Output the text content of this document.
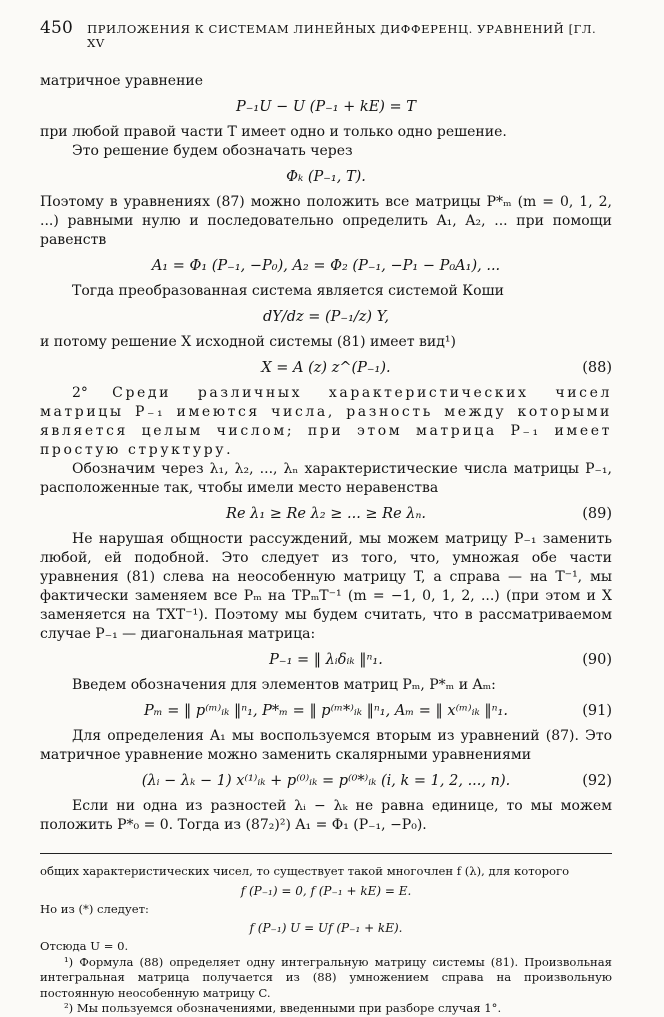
450 ПРИЛОЖЕНИЯ К СИСТЕМАМ ЛИНЕЙНЫХ ДИФФЕРЕНЦ. УРАВНЕНИЙ [ГЛ. XV

матричное уравнение

P₋₁U − U (P₋₁ + kE) = T

при любой правой части T имеет одно и только одно решение.

Это решение будем обозначать через

Φₖ (P₋₁, T).

Поэтому в уравнениях (87) можно положить все матрицы P*ₘ (m = 0, 1, 2, ...) равными нулю и последовательно определить A₁, A₂, ... при помощи равенств

A₁ = Φ₁ (P₋₁, −P₀), A₂ = Φ₂ (P₋₁, −P₁ − P₀A₁), ...

Тогда преобразованная система является системой Коши

dY/dz = (P₋₁/z) Y,

и потому решение X исходной системы (81) имеет вид¹)

X = A (z) z^(P₋₁).	(88)

2° Среди различных характеристических чисел матрицы P₋₁ имеются числа, разность между которыми является целым числом; при этом матрица P₋₁ имеет простую структуру.

Обозначим через λ₁, λ₂, ..., λₙ характеристические числа матрицы P₋₁, расположенные так, чтобы имели место неравенства

Re λ₁ ≥ Re λ₂ ≥ ... ≥ Re λₙ.	(89)

Не нарушая общности рассуждений, мы можем матрицу P₋₁ заменить любой, ей подобной. Это следует из того, что, умножая обе части уравнения (81) слева на неособенную матрицу T, а справа — на T⁻¹, мы фактически заменяем все Pₘ на TPₘT⁻¹ (m = −1, 0, 1, 2, ...) (при этом и X заменяется на TXT⁻¹). Поэтому мы будем считать, что в рассматриваемом случае P₋₁ — диагональная матрица:

P₋₁ = ‖ λᵢδᵢₖ ‖ⁿ₁.	(90)

Введем обозначения для элементов матриц Pₘ, P*ₘ и Aₘ:

Pₘ = ‖ p⁽ᵐ⁾ᵢₖ ‖ⁿ₁, P*ₘ = ‖ p⁽ᵐ*⁾ᵢₖ ‖ⁿ₁, Aₘ = ‖ x⁽ᵐ⁾ᵢₖ ‖ⁿ₁.	(91)

Для определения A₁ мы воспользуемся вторым из уравнений (87). Это матричное уравнение можно заменить скалярными уравнениями

(λᵢ − λₖ − 1) x⁽¹⁾ᵢₖ + p⁽⁰⁾ᵢₖ = p⁽⁰*⁾ᵢₖ (i, k = 1, 2, ..., n).	(92)

Если ни одна из разностей λᵢ − λₖ не равна единице, то мы можем положить P*₀ = 0. Тогда из (87₂)²) A₁ = Φ₁ (P₋₁, −P₀).

общих характеристических чисел, то существует такой многочлен f (λ), для которого

f (P₋₁) = 0, f (P₋₁ + kE) = E.

Но из (*) следует:

f (P₋₁) U = Uf (P₋₁ + kE).

Отсюда U = 0.

¹) Формула (88) определяет одну интегральную матрицу системы (81). Произвольная интегральная матрица получается из (88) умножением справа на произвольную постоянную неособенную матрицу C.

²) Мы пользуемся обозначениями, введенными при разборе случая 1°.
